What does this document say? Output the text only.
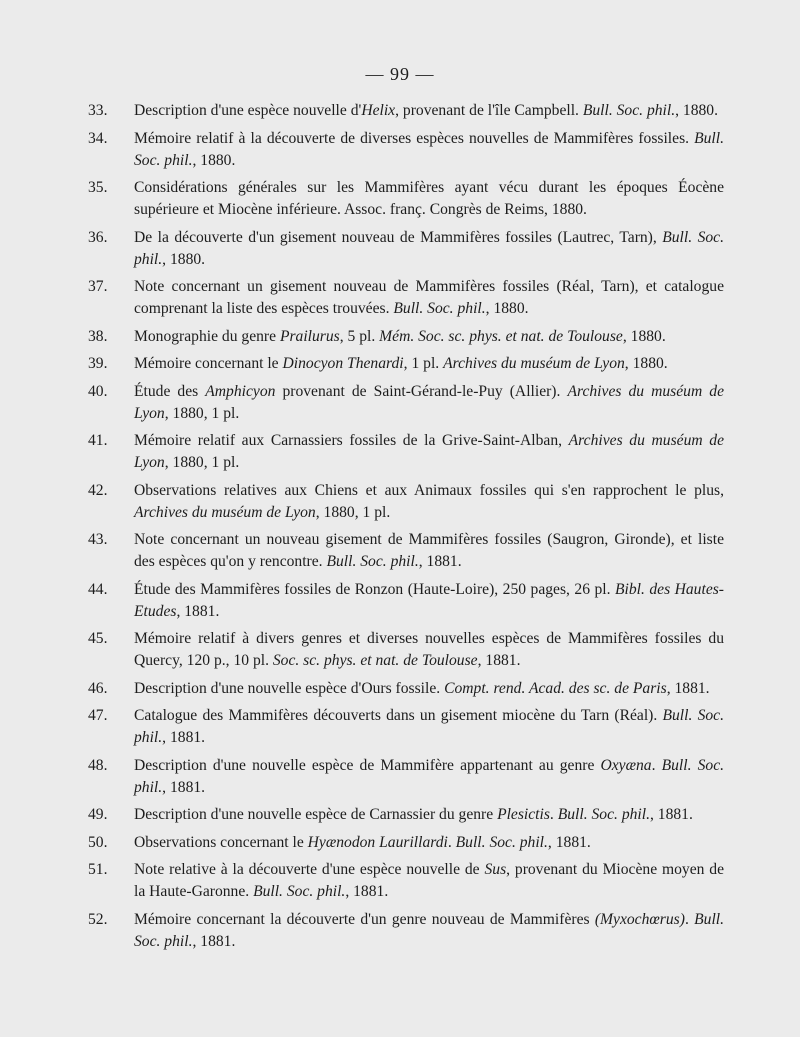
— 99 —
33. Description d'une espèce nouvelle d'Helix, provenant de l'île Campbell. Bull. Soc. phil., 1880.
34. Mémoire relatif à la découverte de diverses espèces nouvelles de Mammifères fossiles. Bull. Soc. phil., 1880.
35. Considérations générales sur les Mammifères ayant vécu durant les époques Éocène supérieure et Miocène inférieure. Assoc. franç. Congrès de Reims, 1880.
36. De la découverte d'un gisement nouveau de Mammifères fossiles (Lautrec, Tarn), Bull. Soc. phil., 1880.
37. Note concernant un gisement nouveau de Mammifères fossiles (Réal, Tarn), et catalogue comprenant la liste des espèces trouvées. Bull. Soc. phil., 1880.
38. Monographie du genre Prailurus, 5 pl. Mém. Soc. sc. phys. et nat. de Toulouse, 1880.
39. Mémoire concernant le Dinocyon Thenardi, 1 pl. Archives du muséum de Lyon, 1880.
40. Étude des Amphicyon provenant de Saint-Gérand-le-Puy (Allier). Archives du muséum de Lyon, 1880, 1 pl.
41. Mémoire relatif aux Carnassiers fossiles de la Grive-Saint-Alban, Archives du muséum de Lyon, 1880, 1 pl.
42. Observations relatives aux Chiens et aux Animaux fossiles qui s'en rapprochent le plus, Archives du muséum de Lyon, 1880, 1 pl.
43. Note concernant un nouveau gisement de Mammifères fossiles (Saugron, Gironde), et liste des espèces qu'on y rencontre. Bull. Soc. phil., 1881.
44. Étude des Mammifères fossiles de Ronzon (Haute-Loire), 250 pages, 26 pl. Bibl. des Hautes-Etudes, 1881.
45. Mémoire relatif à divers genres et diverses nouvelles espèces de Mammifères fossiles du Quercy, 120 p., 10 pl. Soc. sc. phys. et nat. de Toulouse, 1881.
46. Description d'une nouvelle espèce d'Ours fossile. Compt. rend. Acad. des sc. de Paris, 1881.
47. Catalogue des Mammifères découverts dans un gisement miocène du Tarn (Réal). Bull. Soc. phil., 1881.
48. Description d'une nouvelle espèce de Mammifère appartenant au genre Oxyæna. Bull. Soc. phil., 1881.
49. Description d'une nouvelle espèce de Carnassier du genre Plesictis. Bull. Soc. phil., 1881.
50. Observations concernant le Hyænodon Laurillardi. Bull. Soc. phil., 1881.
51. Note relative à la découverte d'une espèce nouvelle de Sus, provenant du Miocène moyen de la Haute-Garonne. Bull. Soc. phil., 1881.
52. Mémoire concernant la découverte d'un genre nouveau de Mammifères (Myxochœrus). Bull. Soc. phil., 1881.
